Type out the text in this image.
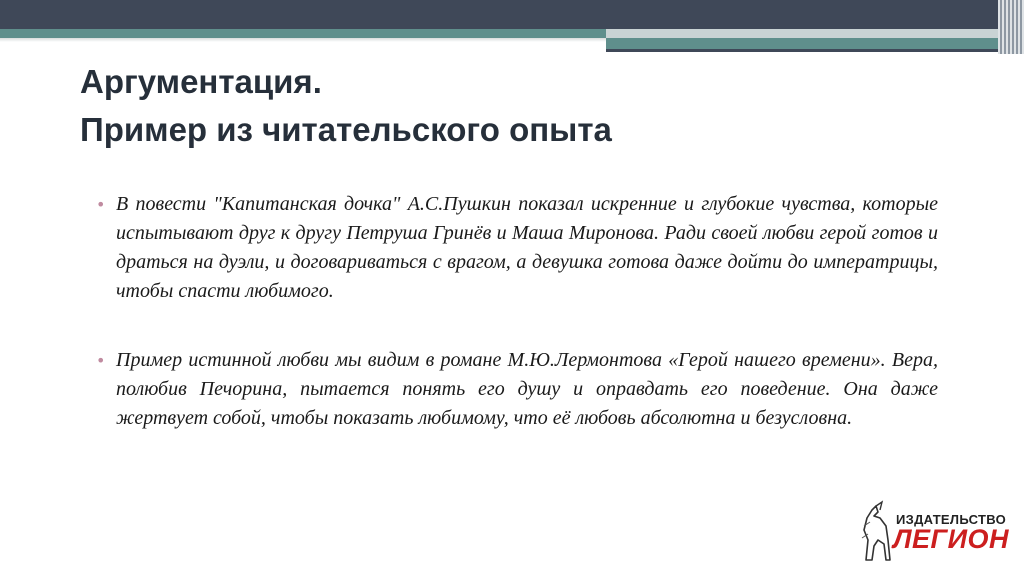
Аргументация.
Пример из читательского опыта
• В повести "Капитанская дочка" А.С.Пушкин показал искренние и глубокие чувства, которые испытывают друг к другу Петруша Гринёв и Маша Миронова. Ради своей любви герой готов и драться на дуэли, и договариваться с врагом, а девушка готова даже дойти до императрицы, чтобы спасти любимого.
• Пример истинной любви мы видим в романе М.Ю.Лермонтова «Герой нашего времени». Вера, полюбив Печорина, пытается понять его душу и оправдать его поведение. Она даже жертвует собой, чтобы показать любимому, что её любовь абсолютна и безусловна.
ИЗДАТЕЛЬСТВО
ЛЕГИОН
